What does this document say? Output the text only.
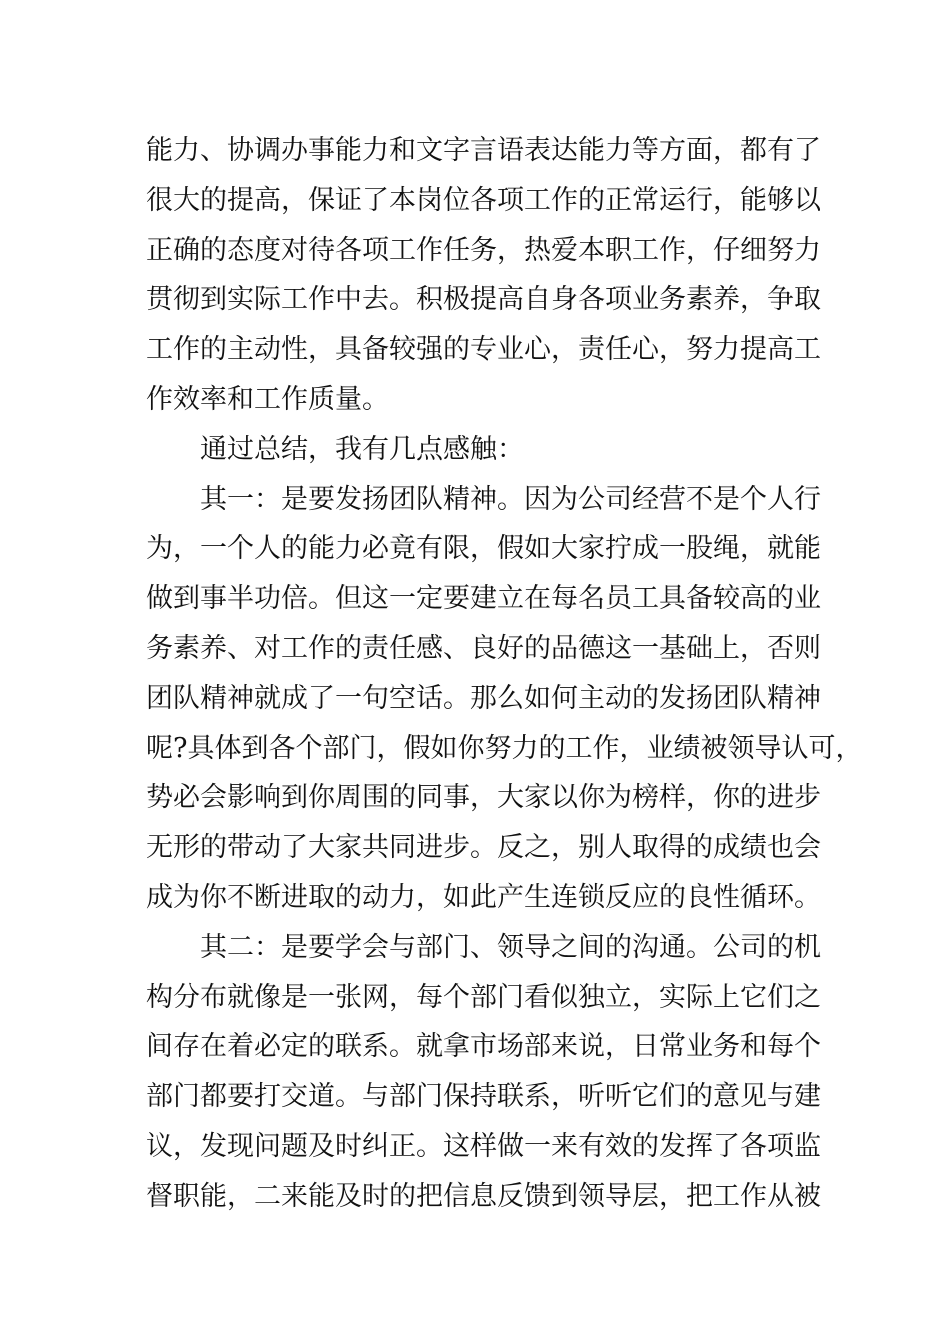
能力、协调办事能力和文字言语表达能力等方面，都有了
很大的提高，保证了本岗位各项工作的正常运行，能够以
正确的态度对待各项工作任务，热爱本职工作，仔细努力
贯彻到实际工作中去。积极提高自身各项业务素养，争取
工作的主动性，具备较强的专业心，责任心，努力提高工
作效率和工作质量。
　　通过总结，我有几点感触：
　　其一：是要发扬团队精神。因为公司经营不是个人行
为，一个人的能力必竟有限，假如大家拧成一股绳，就能
做到事半功倍。但这一定要建立在每名员工具备较高的业
务素养、对工作的责任感、良好的品德这一基础上，否则
团队精神就成了一句空话。那么如何主动的发扬团队精神
呢?具体到各个部门，假如你努力的工作，业绩被领导认可，
势必会影响到你周围的同事，大家以你为榜样，你的进步
无形的带动了大家共同进步。反之，别人取得的成绩也会
成为你不断进取的动力，如此产生连锁反应的良性循环。
　　其二：是要学会与部门、领导之间的沟通。公司的机
构分布就像是一张网，每个部门看似独立，实际上它们之
间存在着必定的联系。就拿市场部来说，日常业务和每个
部门都要打交道。与部门保持联系，听听它们的意见与建
议，发现问题及时纠正。这样做一来有效的发挥了各项监
督职能，二来能及时的把信息反馈到领导层，把工作从被
